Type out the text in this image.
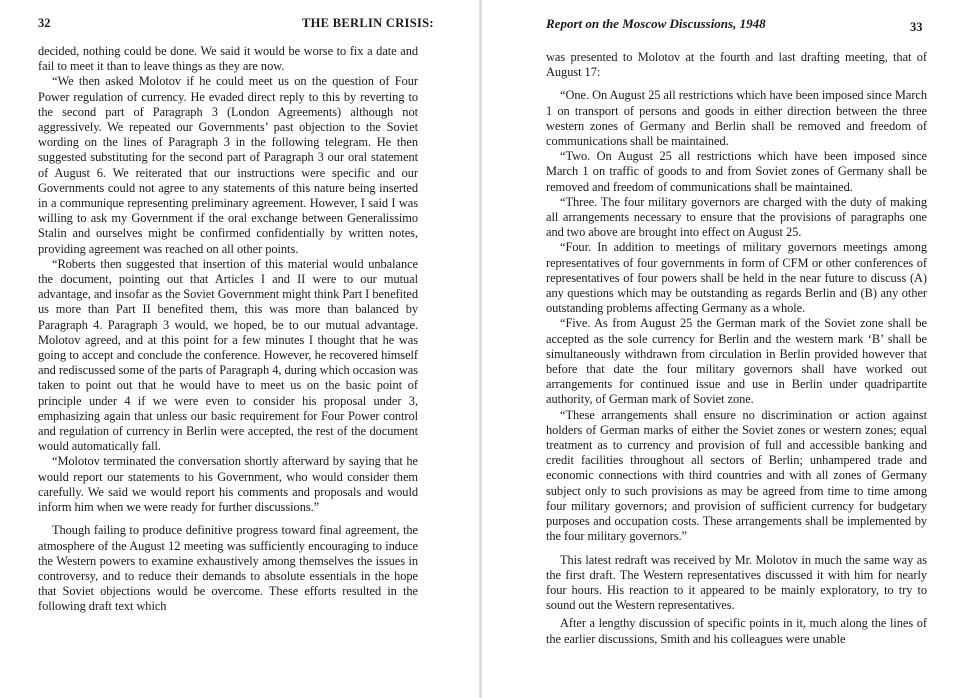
32	THE BERLIN CRISIS:

decided, nothing could be done. We said it would be worse to fix a date and fail to meet it than to leave things as they are now.

“We then asked Molotov if he could meet us on the question of Four Power regulation of currency. He evaded direct reply to this by reverting to the second part of Paragraph 3 (London Agreements) although not aggressively. We repeated our Governments’ past objection to the Soviet wording on the lines of Paragraph 3 in the following telegram. He then suggested substituting for the second part of Paragraph 3 our oral statement of August 6. We reiterated that our instructions were specific and our Governments could not agree to any statements of this nature being inserted in a communique representing preliminary agreement. However, I said I was willing to ask my Government if the oral exchange between Generalissimo Stalin and ourselves might be confirmed confidentially by written notes, providing agreement was reached on all other points.

“Roberts then suggested that insertion of this material would unbalance the document, pointing out that Articles I and II were to our mutual advantage, and insofar as the Soviet Government might think Part I benefited us more than Part II benefited them, this was more than balanced by Paragraph 4. Paragraph 3 would, we hoped, be to our mutual advantage. Molotov agreed, and at this point for a few minutes I thought that he was going to accept and conclude the conference. However, he recovered himself and rediscussed some of the parts of Paragraph 4, during which occasion was taken to point out that he would have to meet us on the basic point of principle under 4 if we were even to consider his proposal under 3, emphasizing again that unless our basic requirement for Four Power control and regulation of currency in Berlin were accepted, the rest of the document would automatically fall.

“Molotov terminated the conversation shortly afterward by saying that he would report our statements to his Government, who would consider them carefully. We said we would report his comments and proposals and would inform him when we were ready for further discussions.”

Though failing to produce definitive progress toward final agreement, the atmosphere of the August 12 meeting was sufficiently encouraging to induce the Western powers to examine exhaustively among themselves the issues in controversy, and to reduce their demands to absolute essentials in the hope that Soviet objections would be overcome. These efforts resulted in the following draft text which

Report on the Moscow Discussions, 1948	33

was presented to Molotov at the fourth and last drafting meeting, that of August 17:

“One. On August 25 all restrictions which have been imposed since March 1 on transport of persons and goods in either direction between the three western zones of Germany and Berlin shall be removed and freedom of communications shall be maintained.

“Two. On August 25 all restrictions which have been imposed since March 1 on traffic of goods to and from Soviet zones of Germany shall be removed and freedom of communications shall be maintained.

“Three. The four military governors are charged with the duty of making all arrangements necessary to ensure that the provisions of paragraphs one and two above are brought into effect on August 25.

“Four. In addition to meetings of military governors meetings among representatives of four governments in form of CFM or other conferences of representatives of four powers shall be held in the near future to discuss (A) any questions which may be outstanding as regards Berlin and (B) any other outstanding problems affecting Germany as a whole.

“Five. As from August 25 the German mark of the Soviet zone shall be accepted as the sole currency for Berlin and the western mark ‘B’ shall be simultaneously withdrawn from circulation in Berlin provided however that before that date the four military governors shall have worked out arrangements for continued issue and use in Berlin under quadripartite authority, of German mark of Soviet zone.

“These arrangements shall ensure no discrimination or action against holders of German marks of either the Soviet zones or western zones; equal treatment as to currency and provision of full and accessible banking and credit facilities throughout all sectors of Berlin; unhampered trade and economic connections with third countries and with all zones of Germany subject only to such provisions as may be agreed from time to time among four military governors; and provision of sufficient currency for budgetary purposes and occupation costs. These arrangements shall be implemented by the four military governors.”

This latest redraft was received by Mr. Molotov in much the same way as the first draft. The Western representatives discussed it with him for nearly four hours. His reaction to it appeared to be mainly exploratory, to try to sound out the Western representatives.

After a lengthy discussion of specific points in it, much along the lines of the earlier discussions, Smith and his colleagues were unable
